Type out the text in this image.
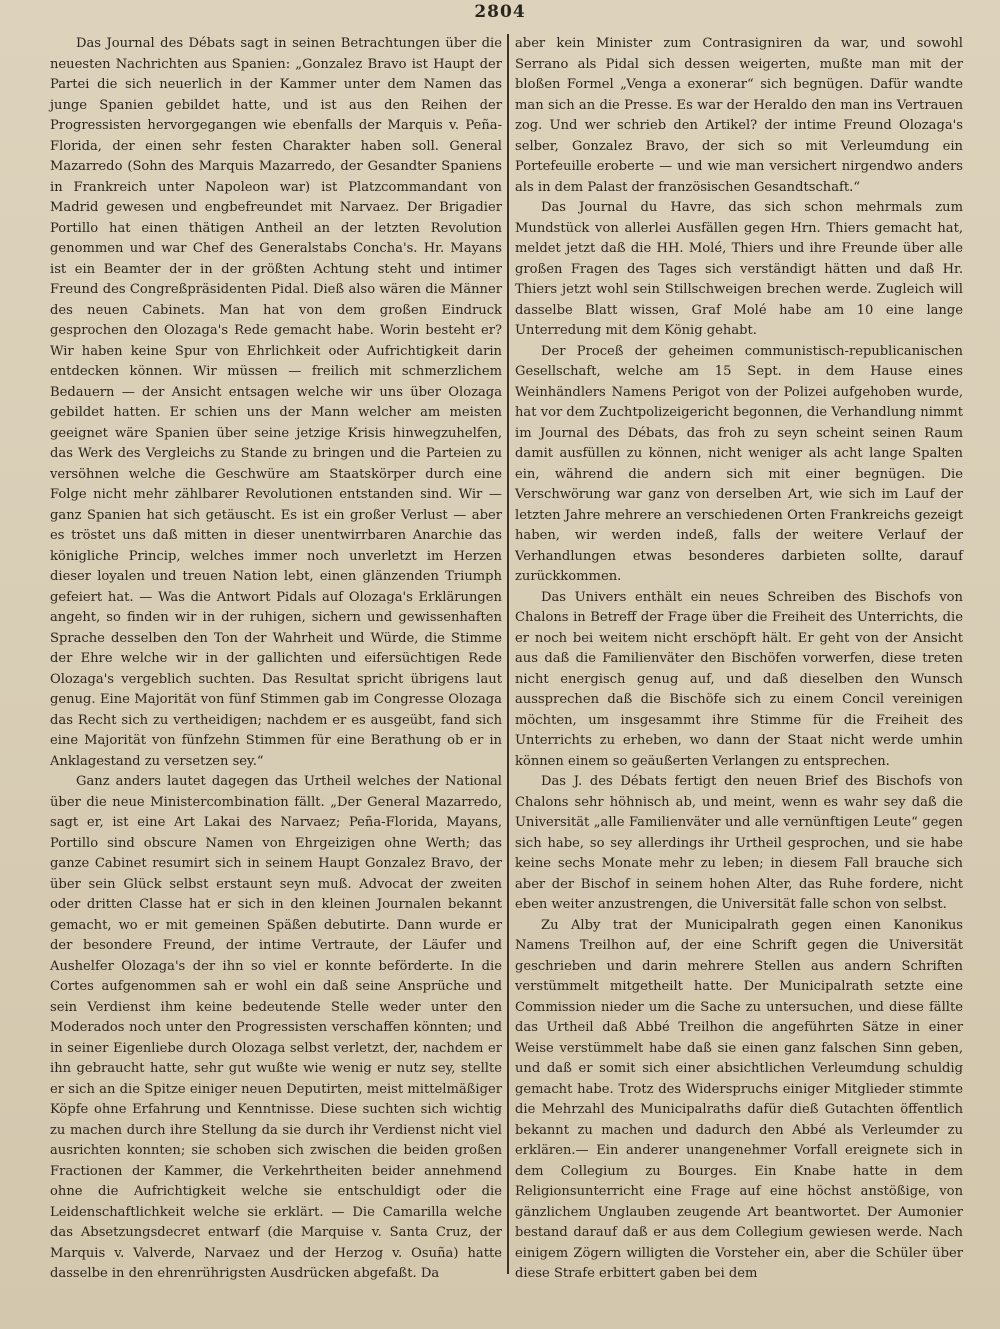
2804

Das Journal des Débats sagt in seinen Betrachtungen über die neuesten Nachrichten aus Spanien: „Gonzalez Bravo ist Haupt der Partei die sich neuerlich in der Kammer unter dem Namen das junge Spanien gebildet hatte, und ist aus den Reihen der Progressisten hervorgegangen wie ebenfalls der Marquis v. Peña-Florida, der einen sehr festen Charakter haben soll. General Mazarredo (Sohn des Marquis Mazarredo, der Gesandter Spaniens in Frankreich unter Napoleon war) ist Platzcommandant von Madrid gewesen und engbefreundet mit Narvaez. Der Brigadier Portillo hat einen thätigen Antheil an der letzten Revolution genommen und war Chef des Generalstabs Concha's. Hr. Mayans ist ein Beamter der in der größten Achtung steht und intimer Freund des Congreßpräsidenten Pidal. Dieß also wären die Männer des neuen Cabinets. Man hat von dem großen Eindruck gesprochen den Olozaga's Rede gemacht habe. Worin besteht er? Wir haben keine Spur von Ehrlichkeit oder Aufrichtigkeit darin entdecken können. Wir müssen — freilich mit schmerzlichem Bedauern — der Ansicht entsagen welche wir uns über Olozaga gebildet hatten. Er schien uns der Mann welcher am meisten geeignet wäre Spanien über seine jetzige Krisis hinwegzuhelfen, das Werk des Vergleichs zu Stande zu bringen und die Parteien zu versöhnen welche die Geschwüre am Staatskörper durch eine Folge nicht mehr zählbarer Revolutionen entstanden sind. Wir — ganz Spanien hat sich getäuscht. Es ist ein großer Verlust — aber es tröstet uns daß mitten in dieser unentwirrbaren Anarchie das königliche Princip, welches immer noch unverletzt im Herzen dieser loyalen und treuen Nation lebt, einen glänzenden Triumph gefeiert hat. — Was die Antwort Pidals auf Olozaga's Erklärungen angeht, so finden wir in der ruhigen, sichern und gewissenhaften Sprache desselben den Ton der Wahrheit und Würde, die Stimme der Ehre welche wir in der gallichten und eifersüchtigen Rede Olozaga's vergeblich suchten. Das Resultat spricht übrigens laut genug. Eine Majorität von fünf Stimmen gab im Congresse Olozaga das Recht sich zu vertheidigen; nachdem er es ausgeübt, fand sich eine Majorität von fünfzehn Stimmen für eine Berathung ob er in Anklagestand zu versetzen sey.“

Ganz anders lautet dagegen das Urtheil welches der National über die neue Ministercombination fällt. „Der General Mazarredo, sagt er, ist eine Art Lakai des Narvaez; Peña-Florida, Mayans, Portillo sind obscure Namen von Ehrgeizigen ohne Werth; das ganze Cabinet resumirt sich in seinem Haupt Gonzalez Bravo, der über sein Glück selbst erstaunt seyn muß. Advocat der zweiten oder dritten Classe hat er sich in den kleinen Journalen bekannt gemacht, wo er mit gemeinen Späßen debutirte. Dann wurde er der besondere Freund, der intime Vertraute, der Läufer und Aushelfer Olozaga's der ihn so viel er konnte beförderte. In die Cortes aufgenommen sah er wohl ein daß seine Ansprüche und sein Verdienst ihm keine bedeutende Stelle weder unter den Moderados noch unter den Progressisten verschaffen könnten; und in seiner Eigenliebe durch Olozaga selbst verletzt, der, nachdem er ihn gebraucht hatte, sehr gut wußte wie wenig er nutz sey, stellte er sich an die Spitze einiger neuen Deputirten, meist mittelmäßiger Köpfe ohne Erfahrung und Kenntnisse. Diese suchten sich wichtig zu machen durch ihre Stellung da sie durch ihr Verdienst nicht viel ausrichten konnten; sie schoben sich zwischen die beiden großen Fractionen der Kammer, die Verkehrtheiten beider annehmend ohne die Aufrichtigkeit welche sie entschuldigt oder die Leidenschaftlichkeit welche sie erklärt. — Die Camarilla welche das Absetzungsdecret entwarf (die Marquise v. Santa Cruz, der Marquis v. Valverde, Narvaez und der Herzog v. Osuña) hatte dasselbe in den ehrenrührigsten Ausdrücken abgefaßt. Da

aber kein Minister zum Contrasigniren da war, und sowohl Serrano als Pidal sich dessen weigerten, mußte man mit der bloßen Formel „Venga a exonerar“ sich begnügen. Dafür wandte man sich an die Presse. Es war der Heraldo den man ins Vertrauen zog. Und wer schrieb den Artikel? der intime Freund Olozaga's selber, Gonzalez Bravo, der sich so mit Verleumdung ein Portefeuille eroberte — und wie man versichert nirgendwo anders als in dem Palast der französischen Gesandtschaft.“

Das Journal du Havre, das sich schon mehrmals zum Mundstück von allerlei Ausfällen gegen Hrn. Thiers gemacht hat, meldet jetzt daß die HH. Molé, Thiers und ihre Freunde über alle großen Fragen des Tages sich verständigt hätten und daß Hr. Thiers jetzt wohl sein Stillschweigen brechen werde. Zugleich will dasselbe Blatt wissen, Graf Molé habe am 10 eine lange Unterredung mit dem König gehabt.

Der Proceß der geheimen communistisch-republicanischen Gesellschaft, welche am 15 Sept. in dem Hause eines Weinhändlers Namens Perigot von der Polizei aufgehoben wurde, hat vor dem Zuchtpolizeigericht begonnen, die Verhandlung nimmt im Journal des Débats, das froh zu seyn scheint seinen Raum damit ausfüllen zu können, nicht weniger als acht lange Spalten ein, während die andern sich mit einer begnügen. Die Verschwörung war ganz von derselben Art, wie sich im Lauf der letzten Jahre mehrere an verschiedenen Orten Frankreichs gezeigt haben, wir werden indeß, falls der weitere Verlauf der Verhandlungen etwas besonderes darbieten sollte, darauf zurückkommen.

Das Univers enthält ein neues Schreiben des Bischofs von Chalons in Betreff der Frage über die Freiheit des Unterrichts, die er noch bei weitem nicht erschöpft hält. Er geht von der Ansicht aus daß die Familienväter den Bischöfen vorwerfen, diese treten nicht energisch genug auf, und daß dieselben den Wunsch aussprechen daß die Bischöfe sich zu einem Concil vereinigen möchten, um insgesammt ihre Stimme für die Freiheit des Unterrichts zu erheben, wo dann der Staat nicht werde umhin können einem so geäußerten Verlangen zu entsprechen.

Das J. des Débats fertigt den neuen Brief des Bischofs von Chalons sehr höhnisch ab, und meint, wenn es wahr sey daß die Universität „alle Familienväter und alle vernünftigen Leute“ gegen sich habe, so sey allerdings ihr Urtheil gesprochen, und sie habe keine sechs Monate mehr zu leben; in diesem Fall brauche sich aber der Bischof in seinem hohen Alter, das Ruhe fordere, nicht eben weiter anzustrengen, die Universität falle schon von selbst.

Zu Alby trat der Municipalrath gegen einen Kanonikus Namens Treilhon auf, der eine Schrift gegen die Universität geschrieben und darin mehrere Stellen aus andern Schriften verstümmelt mitgetheilt hatte. Der Municipalrath setzte eine Commission nieder um die Sache zu untersuchen, und diese fällte das Urtheil daß Abbé Treilhon die angeführten Sätze in einer Weise verstümmelt habe daß sie einen ganz falschen Sinn geben, und daß er somit sich einer absichtlichen Verleumdung schuldig gemacht habe. Trotz des Widerspruchs einiger Mitglieder stimmte die Mehrzahl des Municipalraths dafür dieß Gutachten öffentlich bekannt zu machen und dadurch den Abbé als Verleumder zu erklären.— Ein anderer unangenehmer Vorfall ereignete sich in dem Collegium zu Bourges. Ein Knabe hatte in dem Religionsunterricht eine Frage auf eine höchst anstößige, von gänzlichem Unglauben zeugende Art beantwortet. Der Aumonier bestand darauf daß er aus dem Collegium gewiesen werde. Nach einigem Zögern willigten die Vorsteher ein, aber die Schüler über diese Strafe erbittert gaben bei dem
